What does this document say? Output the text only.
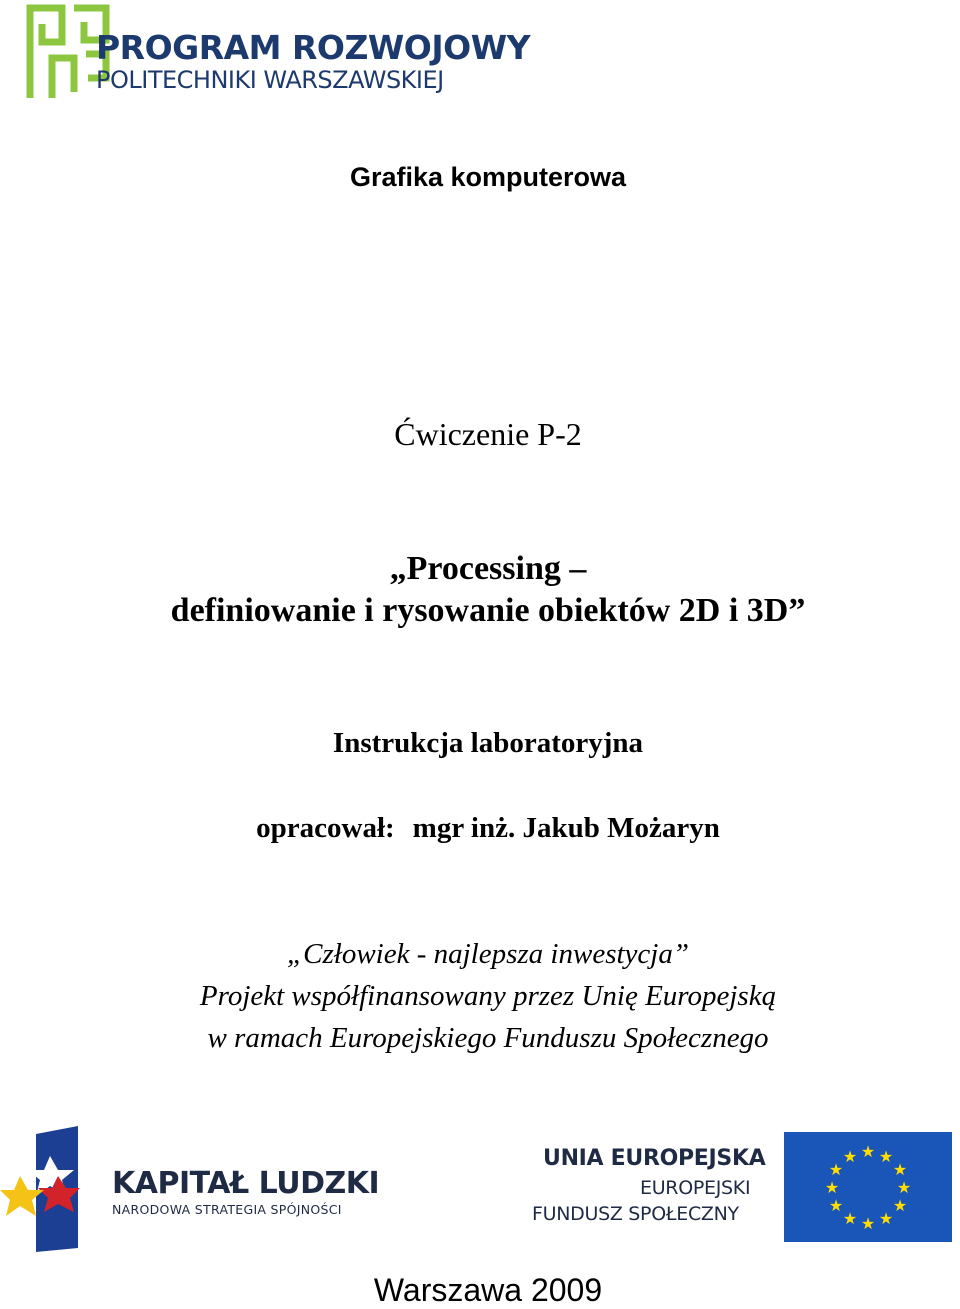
PROGRAM ROZWOJOWY
POLITECHNIKI WARSZAWSKIEJ
Grafika komputerowa
Ćwiczenie P-2
„Processing –
definiowanie i rysowanie obiektów 2D i 3D”
Instrukcja laboratoryjna
opracował: mgr inż. Jakub Możaryn
„Człowiek - najlepsza inwestycja”
Projekt współfinansowany przez Unię Europejską
w ramach Europejskiego Funduszu Społecznego
KAPITAŁ LUDZKI
NARODOWA STRATEGIA SPÓJNOŚCI
UNIA EUROPEJSKA
EUROPEJSKI
FUNDUSZ SPOŁECZNY
★ ★
★
★
★
★
★
★
★
★
★
★
Warszawa 2009
